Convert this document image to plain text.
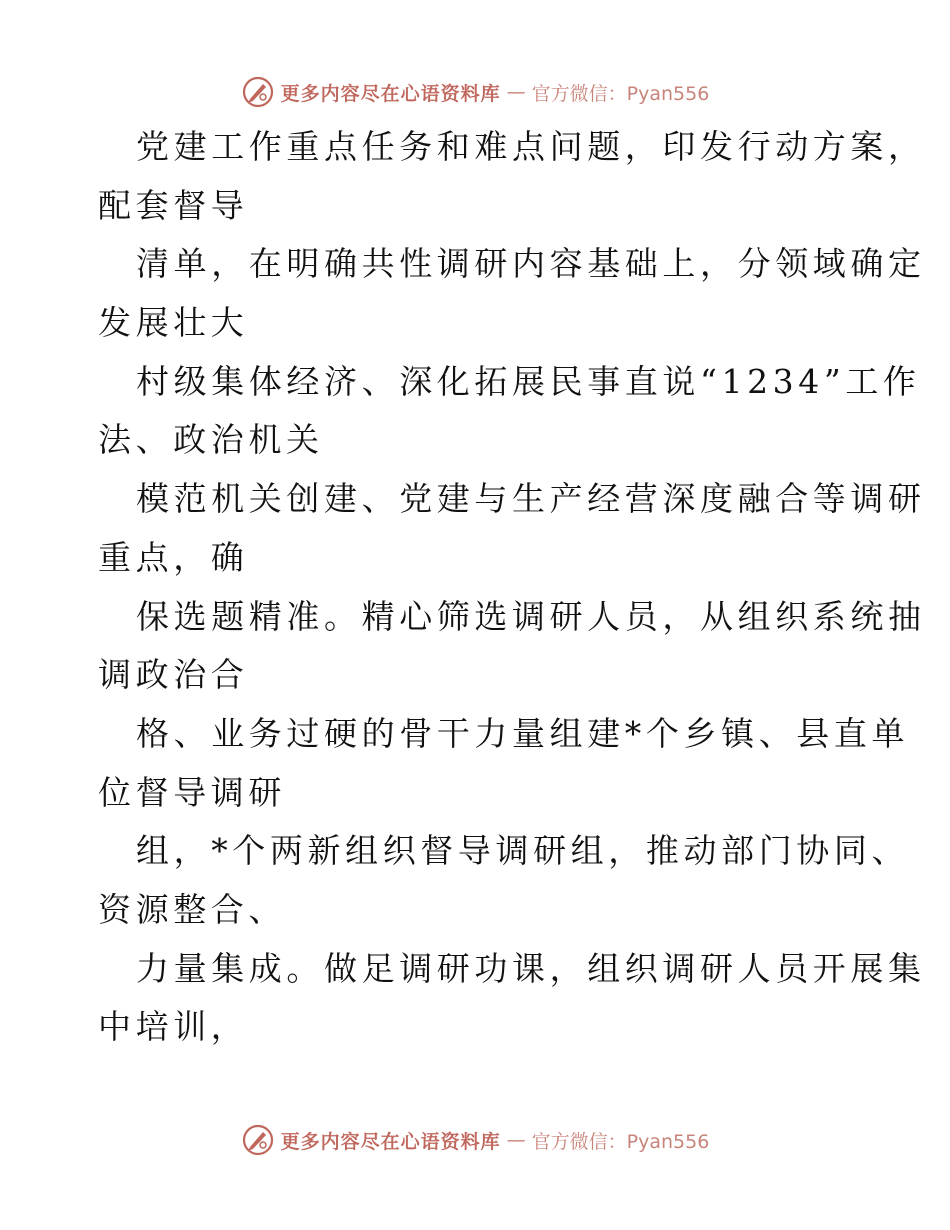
更多内容尽在心语资料库 — 官方微信：Pyan556
党建工作重点任务和难点问题，印发行动方案，
配套督导
清单，在明确共性调研内容基础上，分领域确定
发展壮大
村级集体经济、深化拓展民事直说“1234”工作
法、政治机关
模范机关创建、党建与生产经营深度融合等调研
重点，确
保选题精准。精心筛选调研人员，从组织系统抽
调政治合
格、业务过硬的骨干力量组建*个乡镇、县直单
位督导调研
组，*个两新组织督导调研组，推动部门协同、
资源整合、
力量集成。做足调研功课，组织调研人员开展集
中培训，
更多内容尽在心语资料库 — 官方微信：Pyan556
